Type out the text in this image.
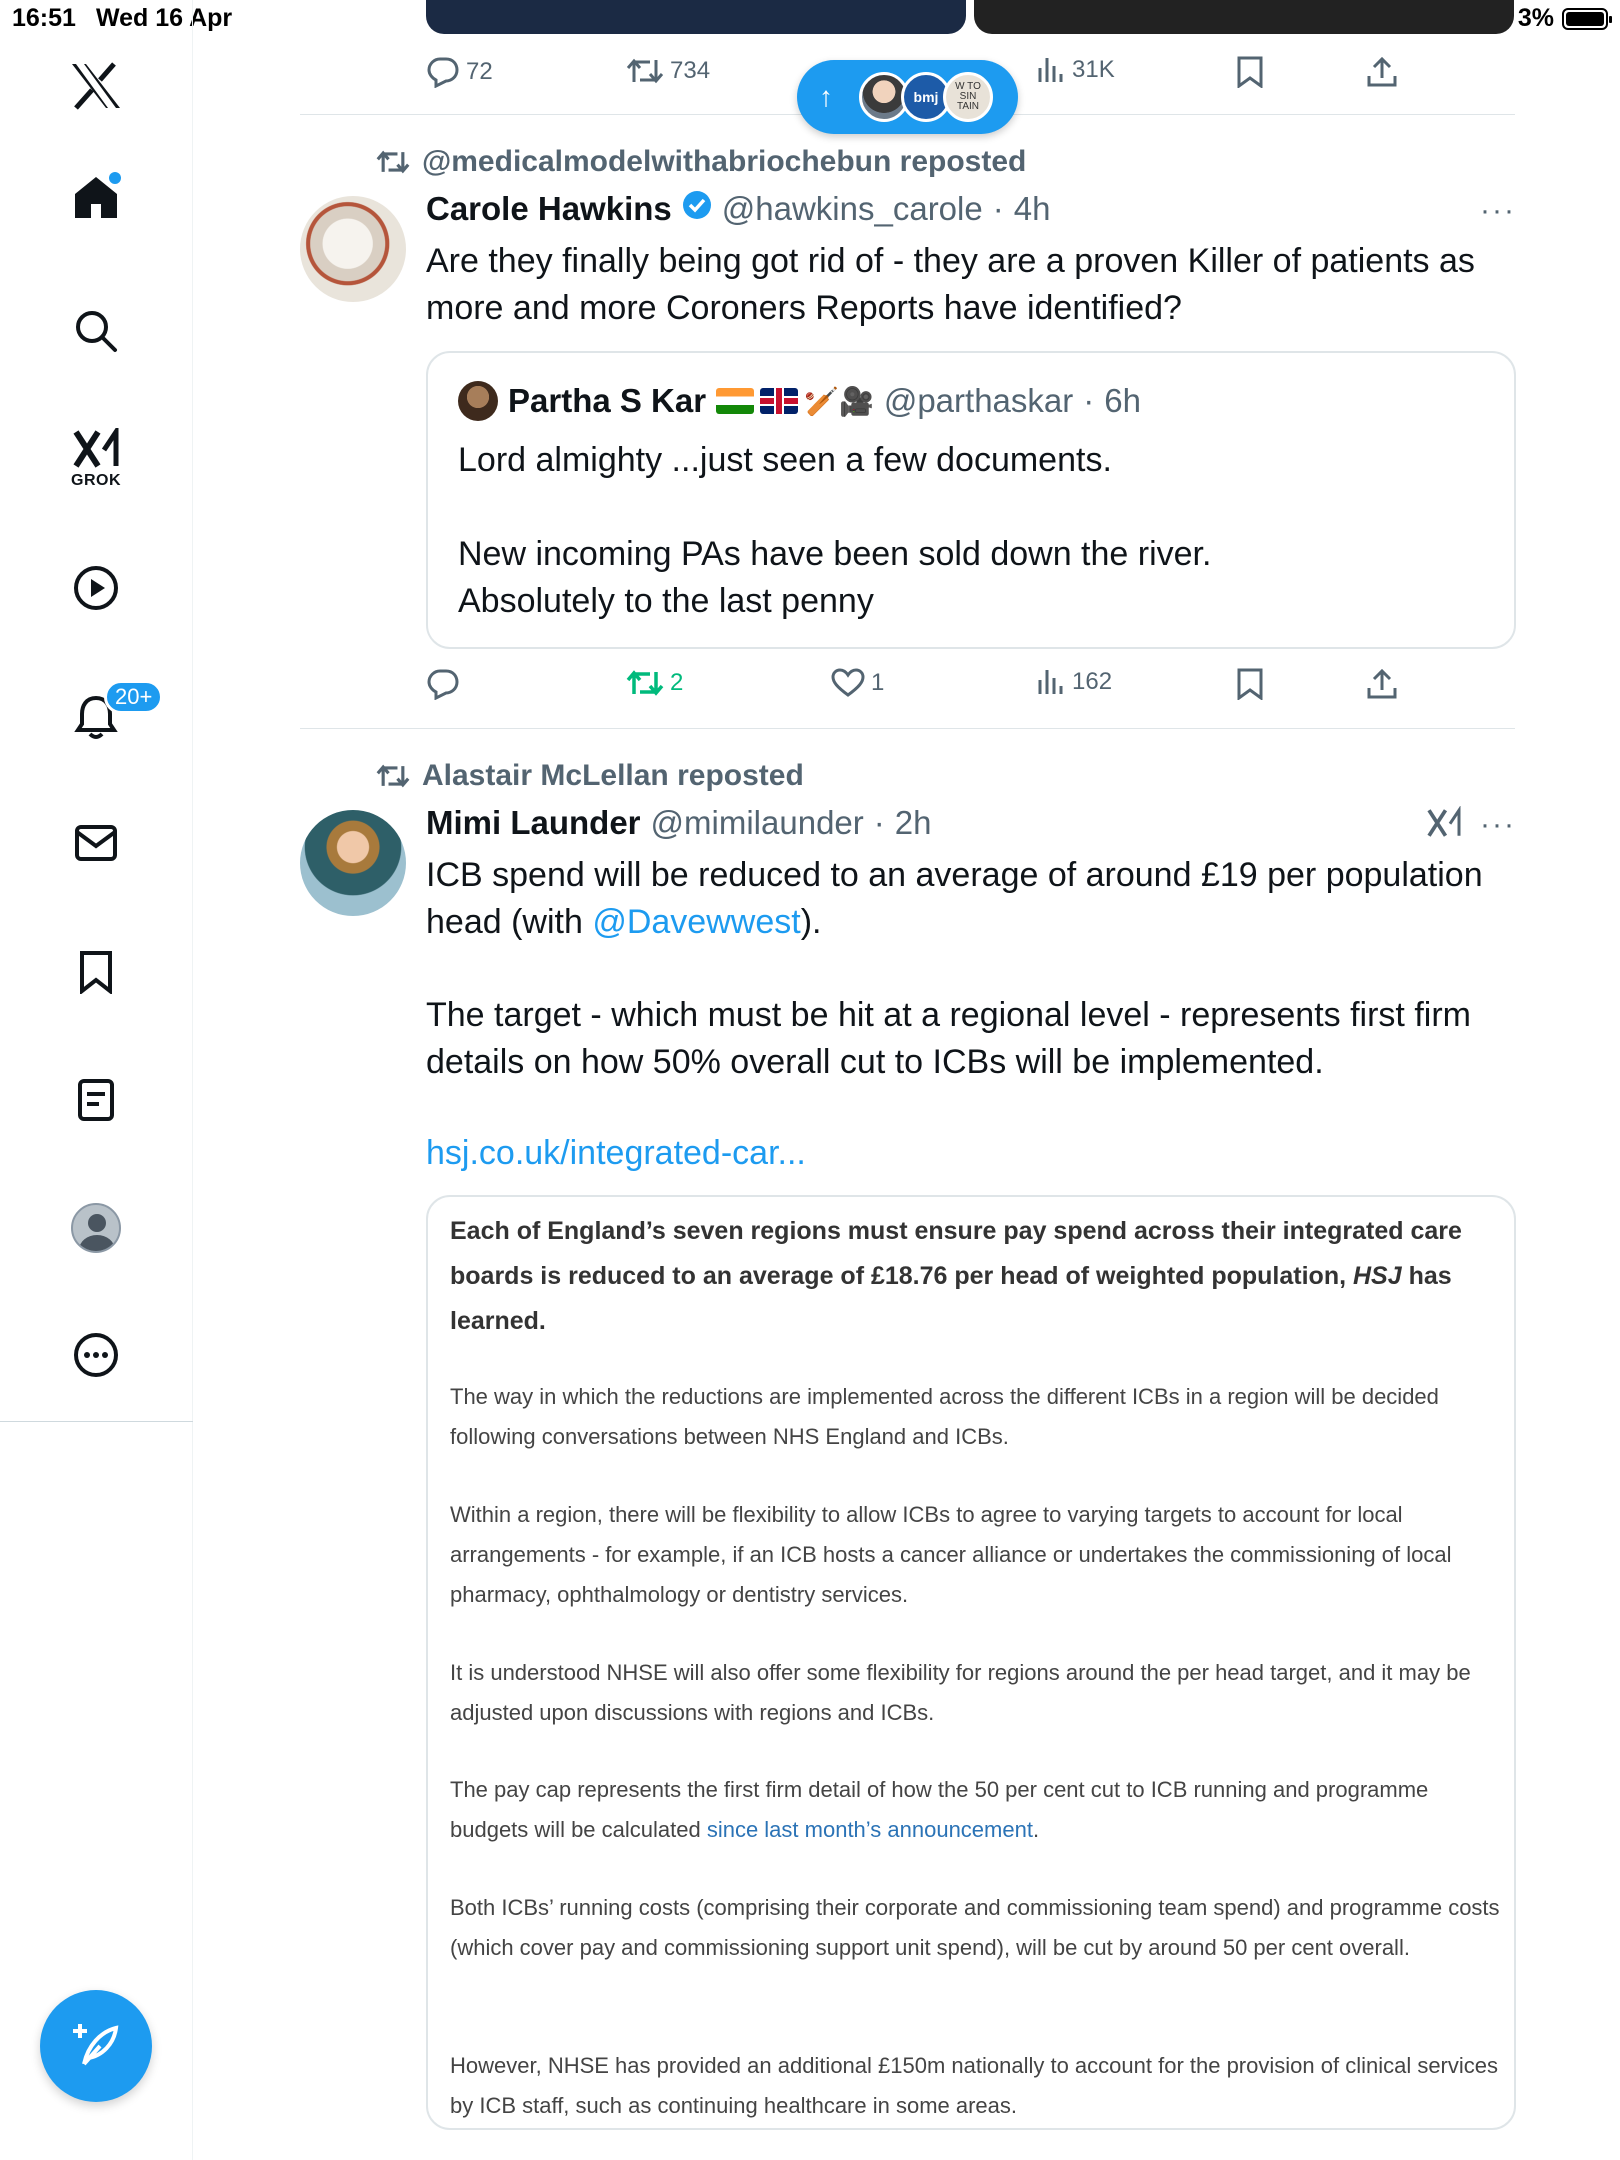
16:51 Wed 16 Apr	3%
GROK
20+
72	734	31K
↑	bmj
W TO
SIN
TAIN
@medicalmodelwithabriochebun reposted
Carole Hawkins @hawkins_carole · 4h	···
Are they finally being got rid of - they are a proven Killer of patients as more and more Coroners Reports have identified?
Partha S Kar	🏏🎥 @parthaskar · 6h
Lord almighty ...just seen a few documents.

New incoming PAs have been sold down the river.
Absolutely to the last penny
2	1	162
Alastair McLellan reposted
Mimi Launder @mimilaunder · 2h	···
ICB spend will be reduced to an average of around £19 per population head (with @Davewwest).
The target - which must be hit at a regional level - represents first firm details on how 50% overall cut to ICBs will be implemented.
hsj.co.uk/integrated-car...
Each of England’s seven regions must ensure pay spend across their integrated care boards is reduced to an average of £18.76 per head of weighted population, HSJ has learned.
The way in which the reductions are implemented across the different ICBs in a region will be decided following conversations between NHS England and ICBs.
Within a region, there will be flexibility to allow ICBs to agree to varying targets to account for local arrangements - for example, if an ICB hosts a cancer alliance or undertakes the commissioning of local pharmacy, ophthalmology or dentistry services.
It is understood NHSE will also offer some flexibility for regions around the per head target, and it may be adjusted upon discussions with regions and ICBs.
The pay cap represents the first firm detail of how the 50 per cent cut to ICB running and programme budgets will be calculated since last month’s announcement.
Both ICBs’ running costs (comprising their corporate and commissioning team spend) and programme costs (which cover pay and commissioning support unit spend), will be cut by around 50 per cent overall.
However, NHSE has provided an additional £150m nationally to account for the provision of clinical services by ICB staff, such as continuing healthcare in some areas.
